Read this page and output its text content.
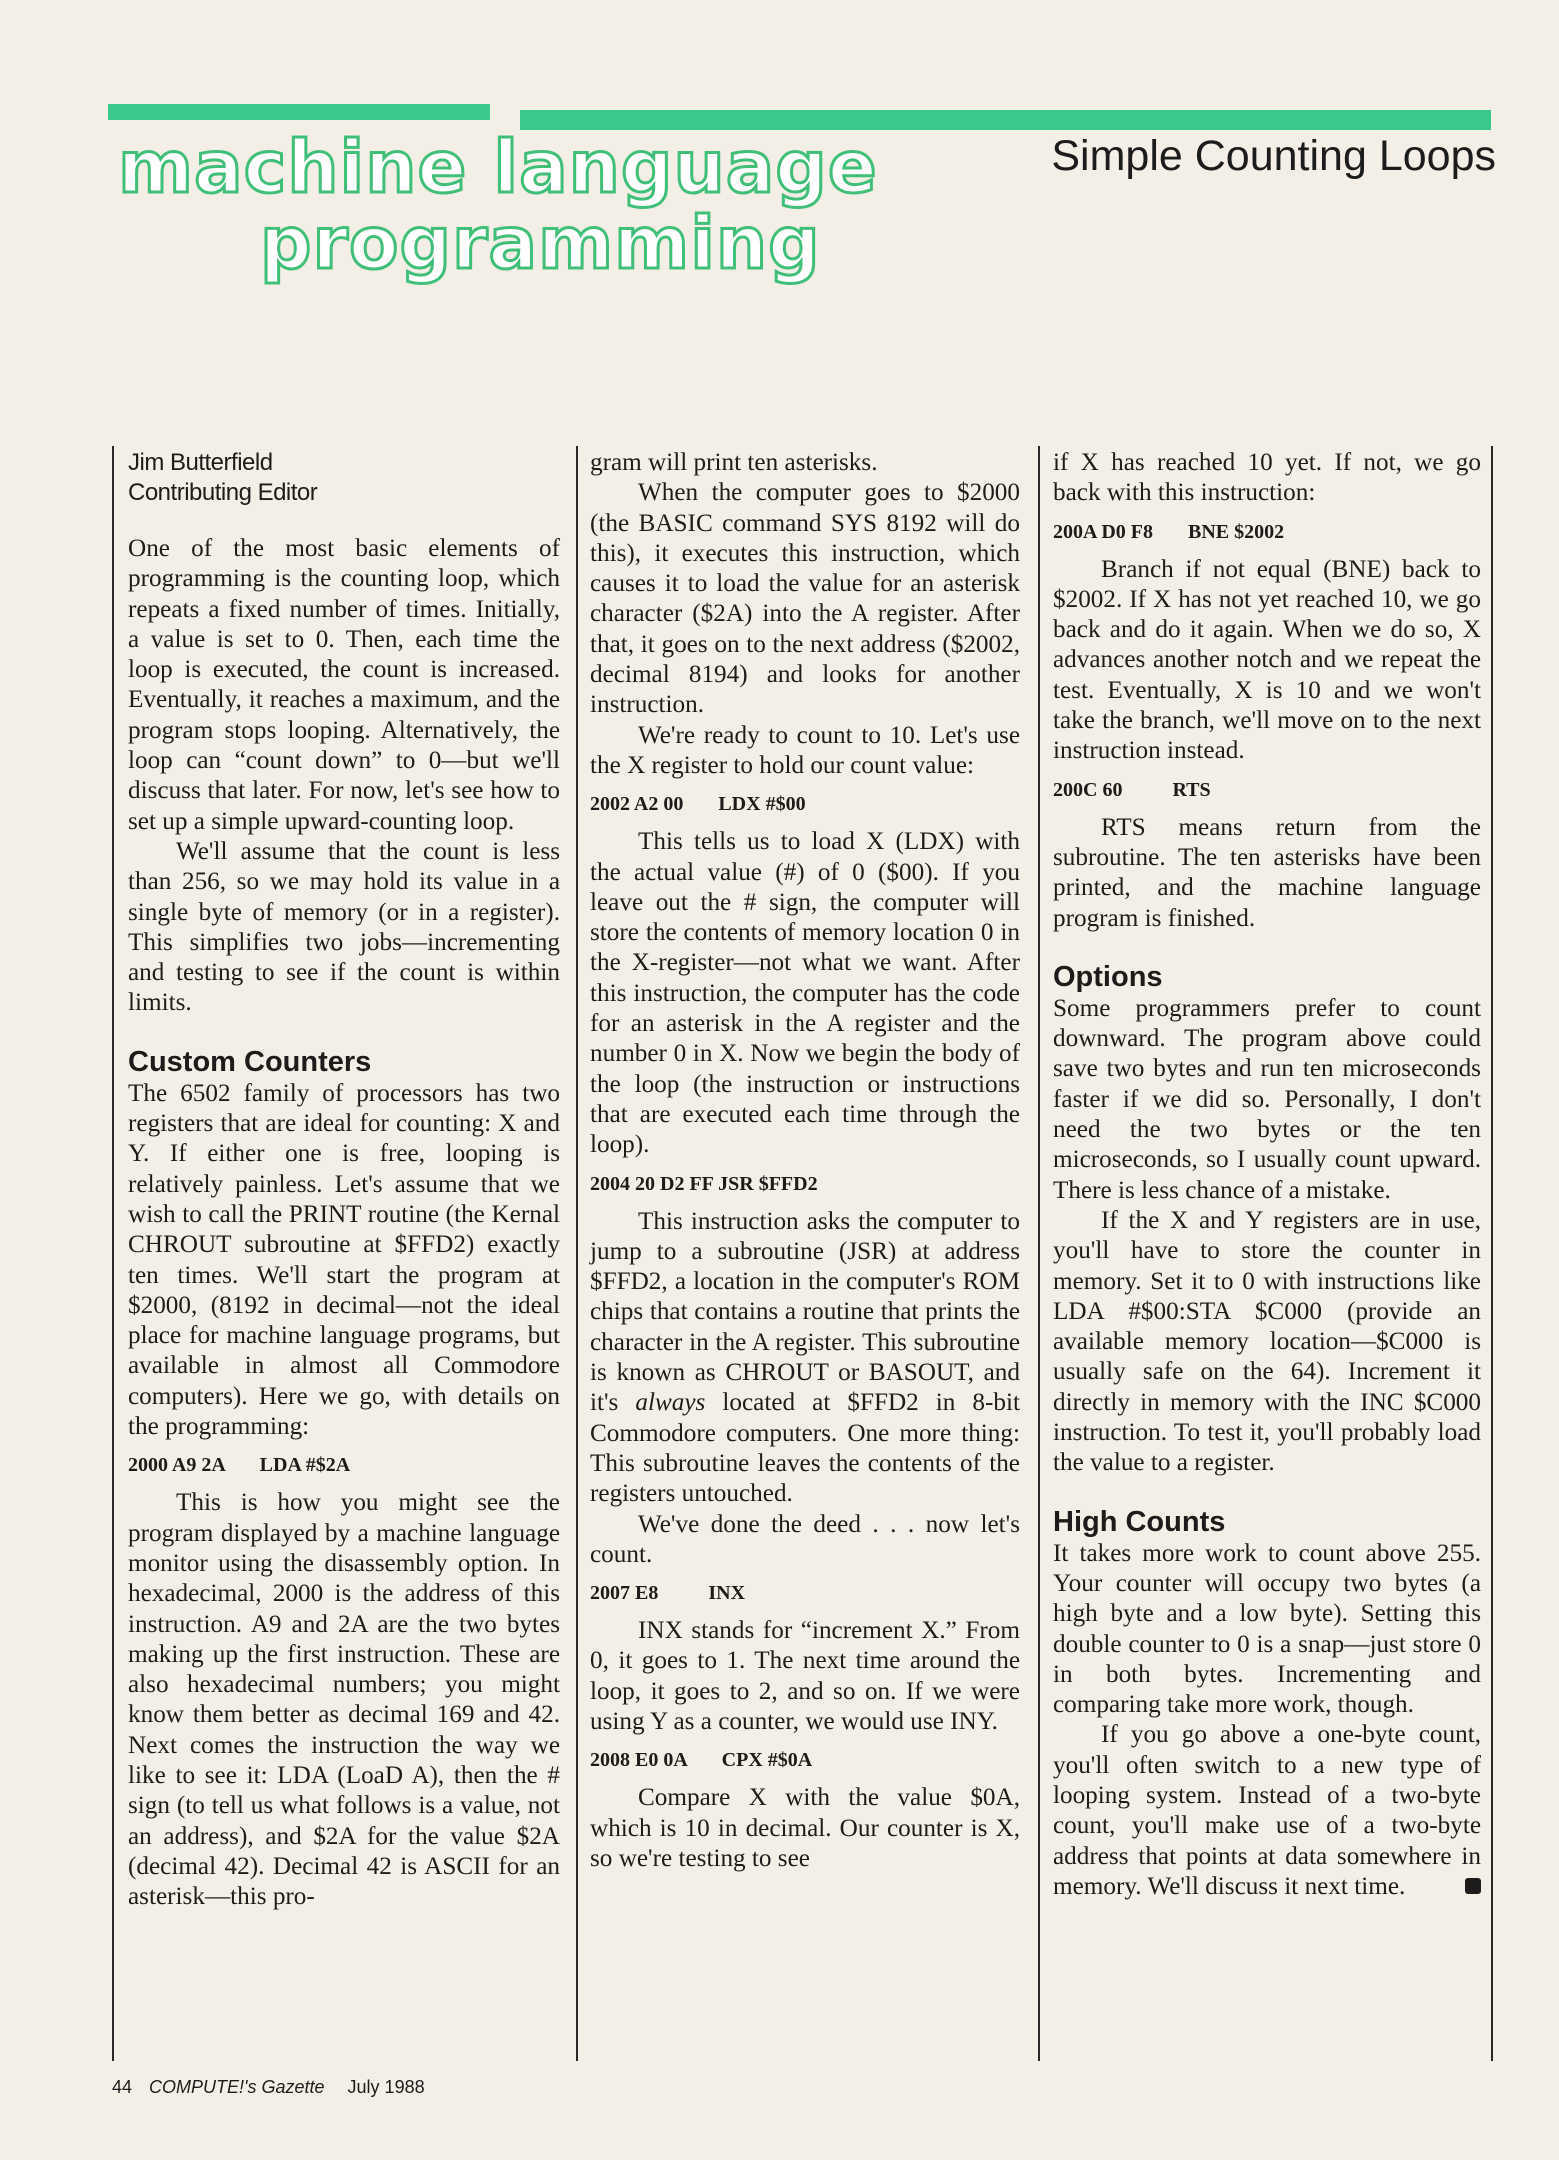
machine language
programming
Simple Counting Loops
Jim Butterfield
Contributing Editor

One of the most basic elements of programming is the counting loop, which repeats a fixed number of times. Initially, a value is set to 0. Then, each time the loop is executed, the count is increased. Eventually, it reaches a maximum, and the program stops looping. Alternatively, the loop can “count down” to 0—but we'll discuss that later. For now, let's see how to set up a simple upward-counting loop.

We'll assume that the count is less than 256, so we may hold its value in a single byte of memory (or in a register). This simplifies two jobs—incrementing and testing to see if the count is within limits.

Custom Counters

The 6502 family of processors has two registers that are ideal for counting: X and Y. If either one is free, looping is relatively painless. Let's assume that we wish to call the PRINT routine (the Kernal CHROUT subroutine at $FFD2) exactly ten times. We'll start the program at $2000, (8192 in decimal—not the ideal place for machine language programs, but available in almost all Commodore computers). Here we go, with details on the programming:

2000 A9 2A       LDA #$2A

This is how you might see the program displayed by a machine language monitor using the disassembly option. In hexadecimal, 2000 is the address of this instruction. A9 and 2A are the two bytes making up the first instruction. These are also hexadecimal numbers; you might know them better as decimal 169 and 42. Next comes the instruction the way we like to see it: LDA (LoaD A), then the # sign (to tell us what follows is a value, not an address), and $2A for the value $2A (decimal 42). Decimal 42 is ASCII for an asterisk—this pro-

gram will print ten asterisks.

When the computer goes to $2000 (the BASIC command SYS 8192 will do this), it executes this instruction, which causes it to load the value for an asterisk character ($2A) into the A register. After that, it goes on to the next address ($2002, decimal 8194) and looks for another instruction.

We're ready to count to 10. Let's use the X register to hold our count value:

2002 A2 00       LDX #$00

This tells us to load X (LDX) with the actual value (#) of 0 ($00). If you leave out the # sign, the computer will store the contents of memory location 0 in the X-register—not what we want. After this instruction, the computer has the code for an asterisk in the A register and the number 0 in X. Now we begin the body of the loop (the instruction or instructions that are executed each time through the loop).

2004 20 D2 FF JSR $FFD2

This instruction asks the computer to jump to a subroutine (JSR) at address $FFD2, a location in the computer's ROM chips that contains a routine that prints the character in the A register. This subroutine is known as CHROUT or BASOUT, and it's always located at $FFD2 in 8-bit Commodore computers. One more thing: This subroutine leaves the contents of the registers untouched.

We've done the deed . . . now let's count.

2007 E8          INX

INX stands for “increment X.” From 0, it goes to 1. The next time around the loop, it goes to 2, and so on. If we were using Y as a counter, we would use INY.

2008 E0 0A       CPX #$0A

Compare X with the value $0A, which is 10 in decimal. Our counter is X, so we're testing to see

if X has reached 10 yet. If not, we go back with this instruction:

200A D0 F8       BNE $2002

Branch if not equal (BNE) back to $2002. If X has not yet reached 10, we go back and do it again. When we do so, X advances another notch and we repeat the test. Eventually, X is 10 and we won't take the branch, we'll move on to the next instruction instead.

200C 60          RTS

RTS means return from the subroutine. The ten asterisks have been printed, and the machine language program is finished.

Options

Some programmers prefer to count downward. The program above could save two bytes and run ten microseconds faster if we did so. Personally, I don't need the two bytes or the ten microseconds, so I usually count upward. There is less chance of a mistake.

If the X and Y registers are in use, you'll have to store the counter in memory. Set it to 0 with instructions like LDA #$00:STA $C000 (provide an available memory location—$C000 is usually safe on the 64). Increment it directly in memory with the INC $C000 instruction. To test it, you'll probably load the value to a register.

High Counts

It takes more work to count above 255. Your counter will occupy two bytes (a high byte and a low byte). Setting this double counter to 0 is a snap—just store 0 in both bytes. Incrementing and comparing take more work, though.

If you go above a one-byte count, you'll often switch to a new type of looping system. Instead of a two-byte count, you'll make use of a two-byte address that points at data somewhere in memory. We'll discuss it next time.

44 COMPUTE!'s Gazette July 1988
